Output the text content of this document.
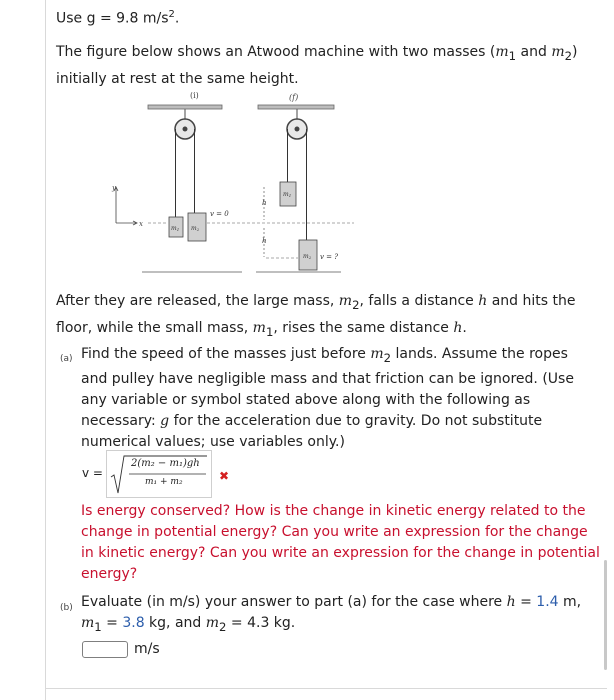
Use g = 9.8 $m/s^2$.
The figure below shows an Atwood machine with two masses ($m_1$ and $m_2$)
initially at rest at the same height.
(i)	(f)
m1 m2
v = 0
y
x
m1
m2 v = ?
h
h
After they are released, the large mass, $m_2$, falls a distance h and hits the
floor, while the small mass, $m_1$, rises the same distance h.
(a) Find the speed of the masses just before $m_2$ lands. Assume the ropes
and pulley have negligible mass and that friction can be ignored. (Use
any variable or symbol stated above along with the following as
necessary: g for the acceleration due to gravity. Do not substitute
numerical values; use variables only.)
v =
2(m₂ − m₁)gh
m₁ + m₂	✖
Is energy conserved? How is the change in kinetic energy related to the
change in potential energy? Can you write an expression for the change
in kinetic energy? Can you write an expression for the change in potential
energy?
(b) Evaluate (in m/s) your answer to part (a) for the case where h = 1.4 m,
$m_1 = 3.8$ kg, and $m_2 = 4.3$ kg.
m/s
